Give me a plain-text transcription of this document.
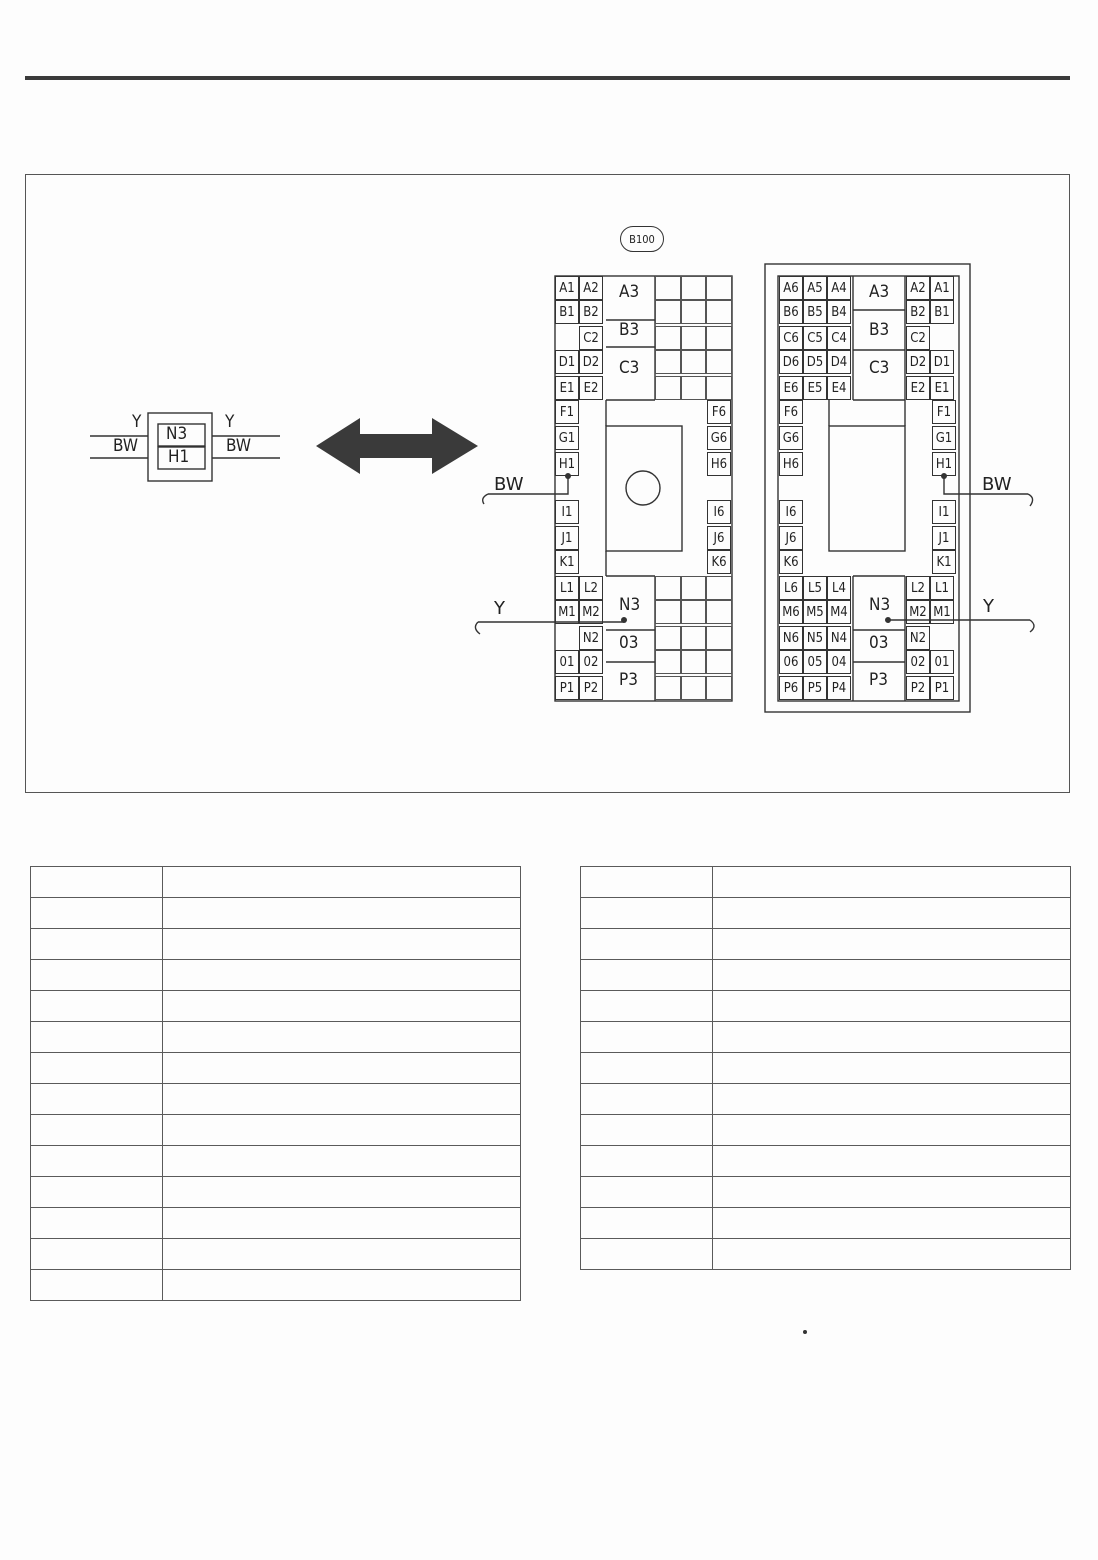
Y	Y
BW	BW
N3
H1
B100
BW
Y
BW
Y
A1 A2
B1 B2
C2
D1 D2
E1 E2
F1
G1
H1
I1
J1
K1
F6
G6
H6
I6
J6
K6
L1 L2
M1 M2
N2
01 02
P1 P2
A3
B3
C3
N3
03
P3
A6 A5 A4
B6 B5 B4
C6 C5 C4
D6 D5 D4
E6 E5 E4
A2 A1
B2 B1
C2
D2 D1
E2 E1
F6
G6
H6
I6
J6
K6
F1
G1
H1
I1
J1
K1
L6 L5 L4
M6 M5 M4
N6 N5 N4
06 05 04
P6 P5 P4
L2 L1
M2 M1
N2
02 01
P2 P1
A3
B3
C3
N3
03
P3
